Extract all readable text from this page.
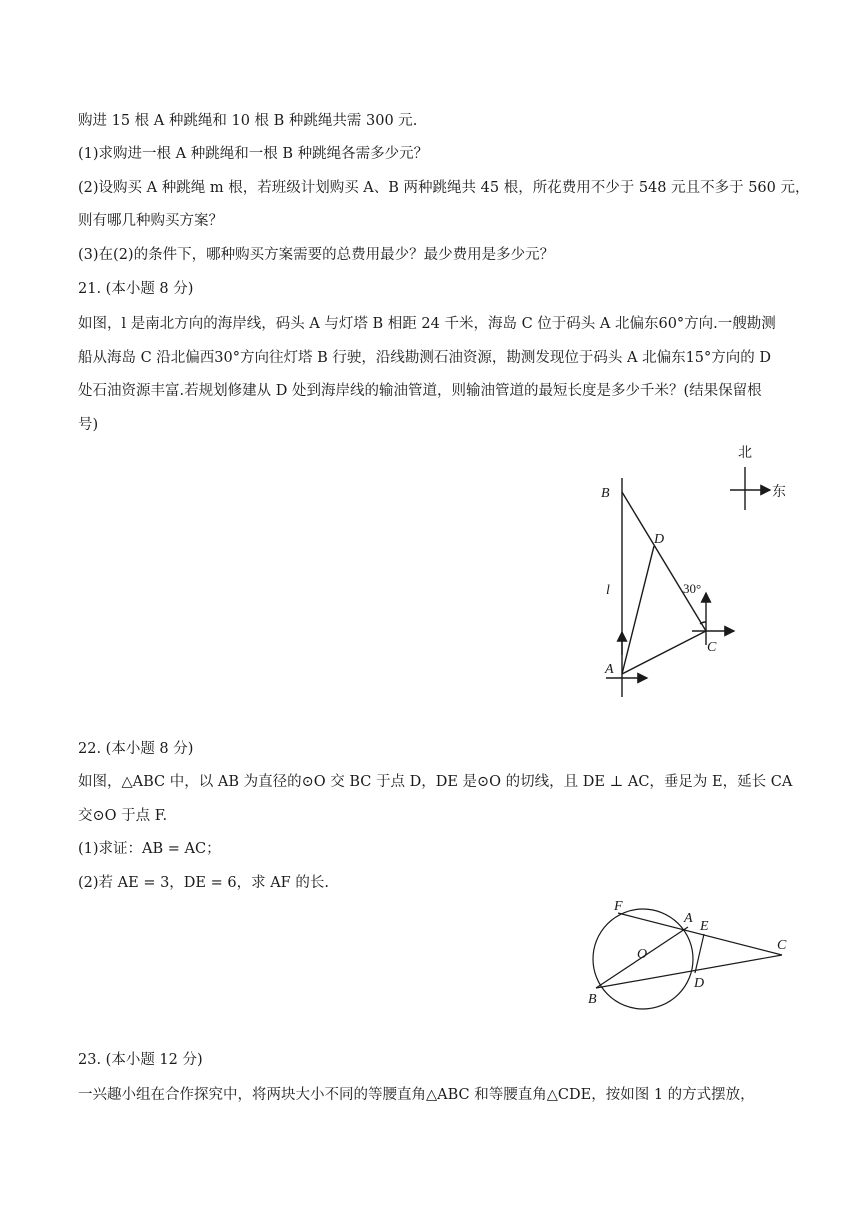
购进 15 根 A 种跳绳和 10 根 B 种跳绳共需 300 元.
(1)求购进一根 A 种跳绳和一根 B 种跳绳各需多少元？
(2)设购买 A 种跳绳 m 根，若班级计划购买 A、B 两种跳绳共 45 根，所花费用不少于 548 元且不多于 560 元，
则有哪几种购买方案？
(3)在(2)的条件下，哪种购买方案需要的总费用最少？最少费用是多少元？
21. (本小题 8 分)
如图，l 是南北方向的海岸线，码头 A 与灯塔 B 相距 24 千米，海岛 C 位于码头 A 北偏东60°方向.一艘勘测
船从海岛 C 沿北偏西30°方向往灯塔 B 行驶，沿线勘测石油资源，勘测发现位于码头 A 北偏东15°方向的 D
处石油资源丰富.若规划修建从 D 处到海岸线的输油管道，则输油管道的最短长度是多少千米？(结果保留根
号)
北
东
B
D
l	30°
A
C
22. (本小题 8 分)
如图，△ABC 中，以 AB 为直径的⊙O 交 BC 于点 D，DE 是⊙O 的切线，且 DE ⊥ AC，垂足为 E，延长 CA
交⊙O 于点 F.
(1)求证：AB = AC；
(2)若 AE = 3，DE = 6，求 AF 的长.
F
A
E
C
O
B
D
23. (本小题 12 分)
一兴趣小组在合作探究中，将两块大小不同的等腰直角△ABC 和等腰直角△CDE，按如图 1 的方式摆放，
